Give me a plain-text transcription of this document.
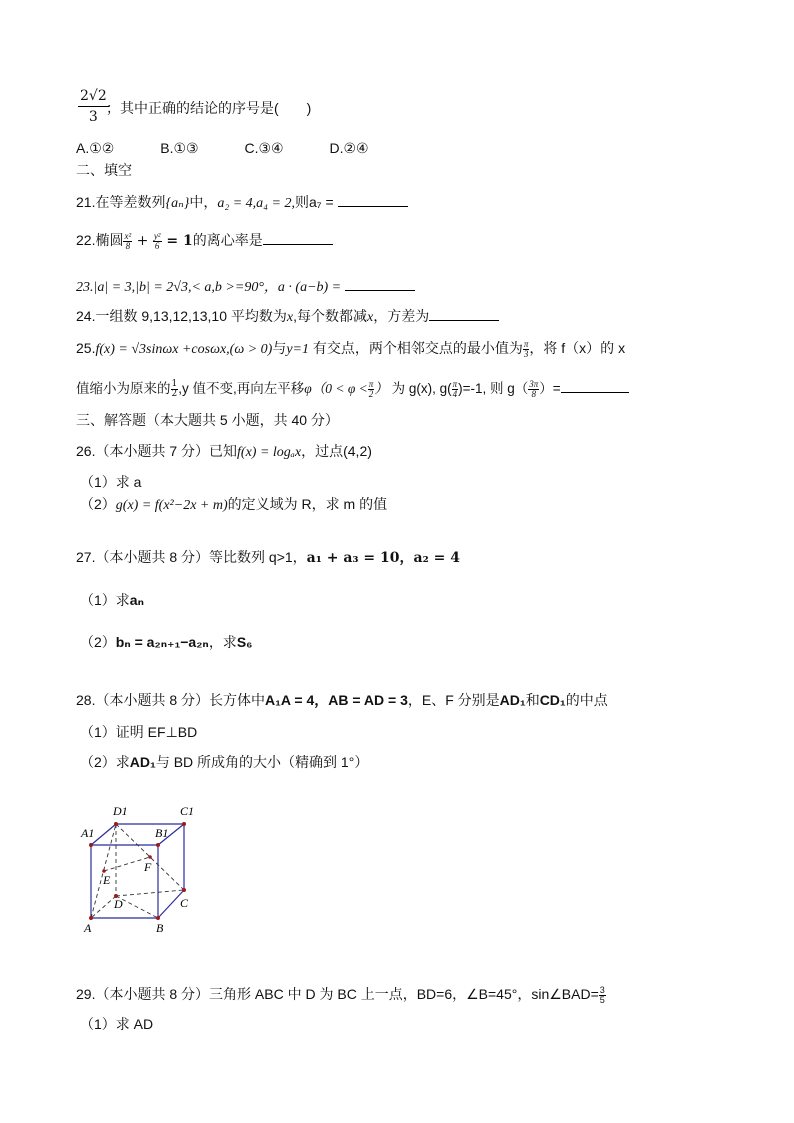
$\frac{2√2}{3}$
；其中正确的结论的序号是(　　)
A.①②	B.①③	C.③④	D.②④
二、填空
21.在等差数列{aₙ}中，a₂ = 4,a₄ = 2,则a₇ =
22.椭圆 $\frac{\text{x²}}{8} + \frac{\text{y²}}{6} = 1$的离心率是
23.|a| = 3,|b| = 2√3,< a,b >=90°，a · (a−b) =
24.一组数 9,13,12,13,10 平均数为x,每个数都减x，方差为
25.f(x) = √3sinωx +cosωx,(ω > 0)与y=1 有交点，两个相邻交点的最小值为 $\frac{\pi}{3}$ ，将 f（x）的 x
值缩小为原来的 $\frac{1}{2} ,y$ 值不变,再向左平移$\varphi(0 < \varphi < \frac{\pi}{2}$ ） 为 g(x), $g( \frac{\pi}{4} )=-1$, 则 $g( \frac{3\pi}{8}$ ）=
三、解答题（本大题共 5 小题，共 40 分）
26.（本小题共 7 分）已知f(x) = logₐx，过点(4,2)
（1）求 a
（2）g(x) = f(x²−2x + m)的定义域为 R，求 m 的值
27.（本小题共 8 分）等比数列 q>1，a₁ + a₃ = 10，a₂ = 4
（1）求aₙ
（2）bₙ = a₂ₙ₊₁−a₂ₙ，求S₆
28.（本小题共 8 分）长方体中A₁A = 4，AB = AD = 3，E、F 分别是AD₁和CD₁的中点
（1）证明 EF⊥BD
（2）求AD₁与 BD 所成角的大小（精确到 1°）
D1	C1
A1	B1
E
F
D	C
A	B
29.（本小题共 8 分）三角形 ABC 中 D 为 BC 上一点，BD=6，∠B=45°，sin∠BAD= $\frac{3}{5}$
（1）求 AD
